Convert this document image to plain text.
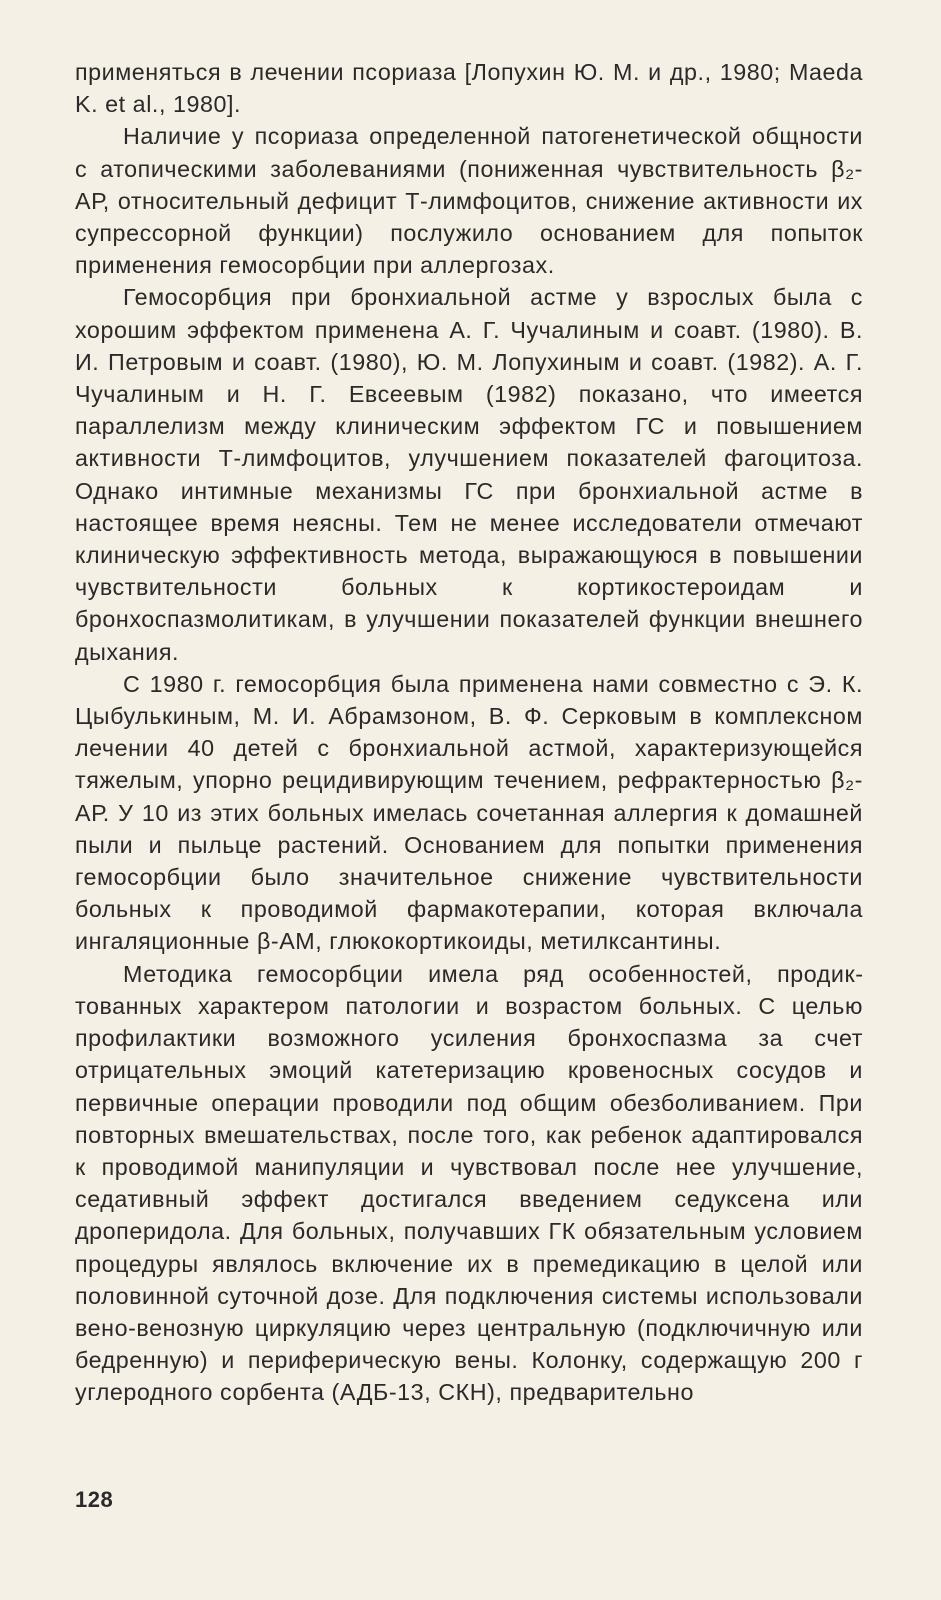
применяться в лечении псориаза [Лопухин Ю. М. и др., 1980; Maeda K. et al., 1980].

Наличие у псориаза определенной патогенетической общности с атопическими заболеваниями (пониженная чувствительность β₂-АР, относительный дефицит Т-лимфоцитов, снижение активности их супрессорной функции) послужило основанием для попыток применения гемосорбции при аллергозах.

Гемосорбция при бронхиальной астме у взрослых была с хорошим эффектом применена А. Г. Чучалиным и соавт. (1980). В. И. Петровым и соавт. (1980), Ю. М. Лопухиным и соавт. (1982). А. Г. Чучалиным и Н. Г. Евсеевым (1982) показано, что имеется параллелизм между клиническим эффектом ГС и повышением активности Т-лимфоцитов, улучшением показателей фагоцитоза. Однако интимные механизмы ГС при бронхиальной астме в настоящее время неясны. Тем не менее исследователи отмечают клиническую эффективность метода, выражающуюся в повышении чувствительности больных к кортикостероидам и бронхоспазмолитикам, в улучшении показателей функции внешнего дыхания.

С 1980 г. гемосорбция была применена нами совместно с Э. К. Цыбулькиным, М. И. Абрамзоном, В. Ф. Серковым в комплексном лечении 40 детей с бронхиальной астмой, характеризующейся тяжелым, упорно рецидивирующим течением, рефрактерностью β₂-АР. У 10 из этих больных имелась сочетанная аллергия к домашней пыли и пыльце растений. Основанием для попытки применения гемосорбции было значительное снижение чувствительности больных к проводимой фармакотерапии, которая включала ингаляционные β-АМ, глюкокортикоиды, метилксантины.

Методика гемосорбции имела ряд особенностей, продиктованных характером патологии и возрастом больных. С целью профилактики возможного усиления бронхоспазма за счет отрицательных эмоций катетеризацию кровеносных сосудов и первичные операции проводили под общим обезболиванием. При повторных вмешательствах, после того, как ребенок адаптировался к проводимой манипуляции и чувствовал после нее улучшение, седативный эффект достигался введением седуксена или дроперидола. Для больных, получавших ГК обязательным условием процедуры являлось включение их в премедикацию в целой или половинной суточной дозе. Для подключения системы использовали вено-венозную циркуляцию через центральную (подключичную или бедренную) и периферическую вены. Колонку, содержащую 200 г углеродного сорбента (АДБ-13, СКН), предварительно

128
